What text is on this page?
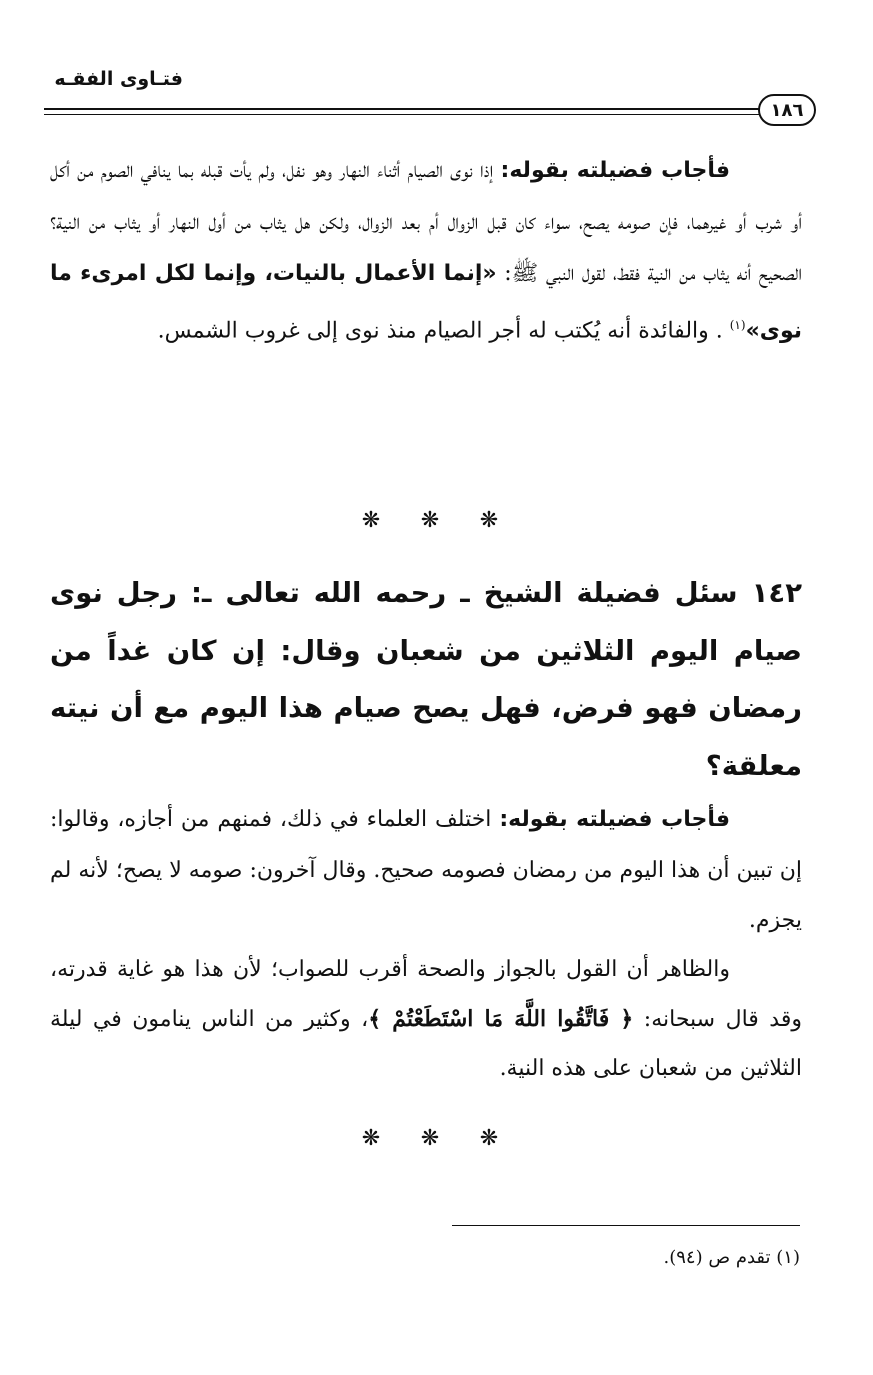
فتـاوى الفقـه
١٨٦
فأجاب فضيلته بقوله: إذا نوى الصيام أثناء النهار وهو نفل، ولم يأت قبله بما ينافي الصوم من أكل أو شرب أو غيرهما، فإن صومه يصح، سواء كان قبل الزوال أم بعد الزوال، ولكن هل يثاب من أول النهار أو يثاب من النية؟ الصحيح أنه يثاب من النية فقط، لقول النبي ﷺ: «إنما الأعمال بالنيات، وإنما لكل امرىء ما نوى»$^{(١)}$ . والفائدة أنه يُكتب له أجر الصيام منذ نوى إلى غروب الشمس.
❋
❋
❋
١٤٢ سئل فضيلة الشيخ ـ رحمه الله تعالى ـ: رجل نوى صيام اليوم الثلاثين من شعبان وقال: إن كان غداً من رمضان فهو فرض، فهل يصح صيام هذا اليوم مع أن نيته معلقة؟
فأجاب فضيلته بقوله: اختلف العلماء في ذلك، فمنهم من أجازه، وقالوا: إن تبين أن هذا اليوم من رمضان فصومه صحيح. وقال آخرون: صومه لا يصح؛ لأنه لم يجزم.
والظاهر أن القول بالجواز والصحة أقرب للصواب؛ لأن هذا هو غاية قدرته، وقد قال سبحانه: ﴿ فَاتَّقُوا اللَّهَ مَا اسْتَطَعْتُمْ ﴾، وكثير من الناس ينامون في ليلة الثلاثين من شعبان على هذه النية.
❋
❋
❋
(١) تقدم ص (٩٤).
